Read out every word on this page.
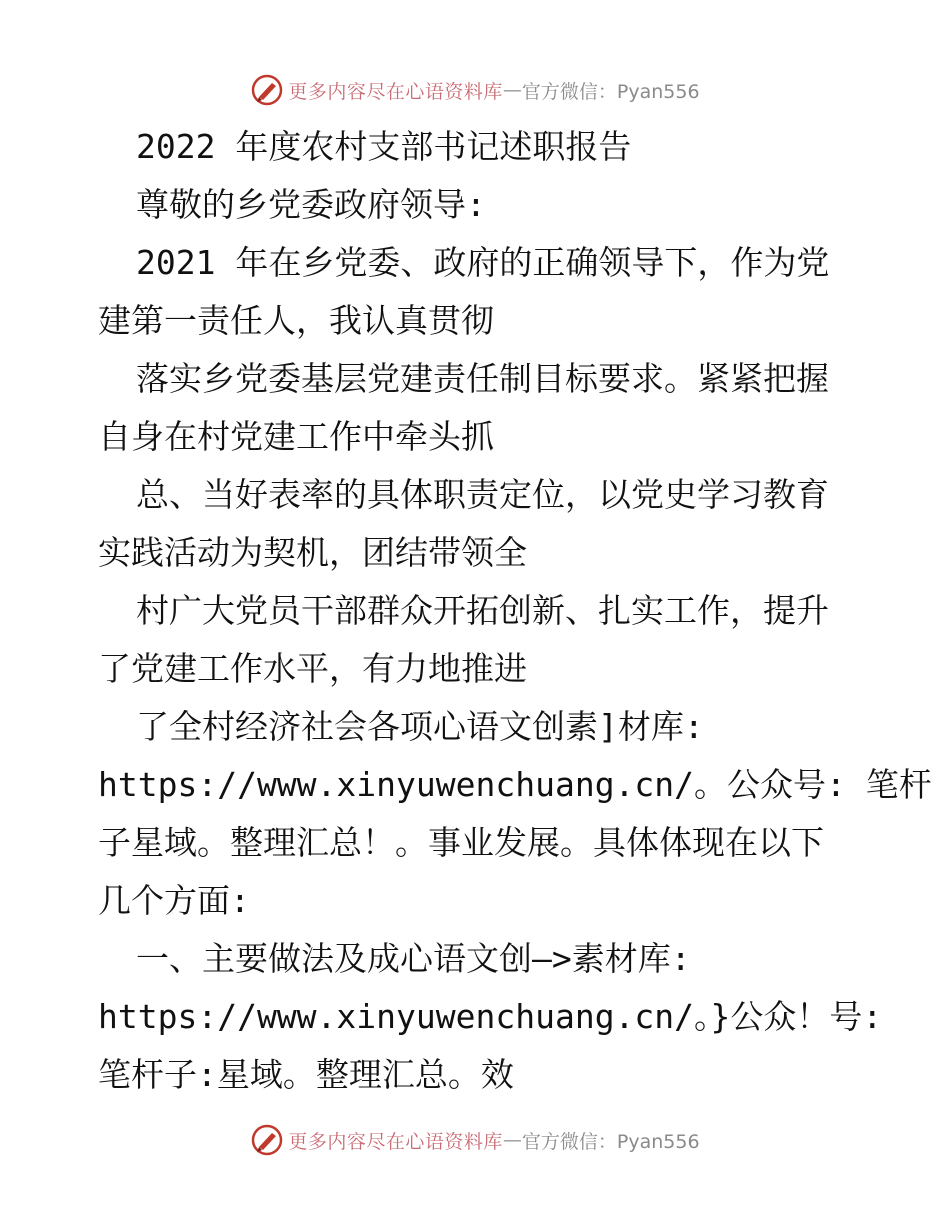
更多内容尽在心语资料库 — 官方微信：Pyan556
2022 年度农村支部书记述职报告
尊敬的乡党委政府领导:
2021 年在乡党委、政府的正确领导下，作为党
建第一责任人，我认真贯彻
落实乡党委基层党建责任制目标要求。紧紧把握
自身在村党建工作中牵头抓
总、当好表率的具体职责定位，以党史学习教育
实践活动为契机，团结带领全
村广大党员干部群众开拓创新、扎实工作，提升
了党建工作水平，有力地推进
了全村经济社会各项心语文创素]材库:
https://www.xinyuwenchuang.cn/。公众号: 笔杆
子星域。整理汇总！。事业发展。具体体现在以下
几个方面:
一、主要做法及成心语文创—>素材库:
https://www.xinyuwenchuang.cn/。}公众！号:
笔杆子:星域。整理汇总。效
更多内容尽在心语资料库 — 官方微信：Pyan556
